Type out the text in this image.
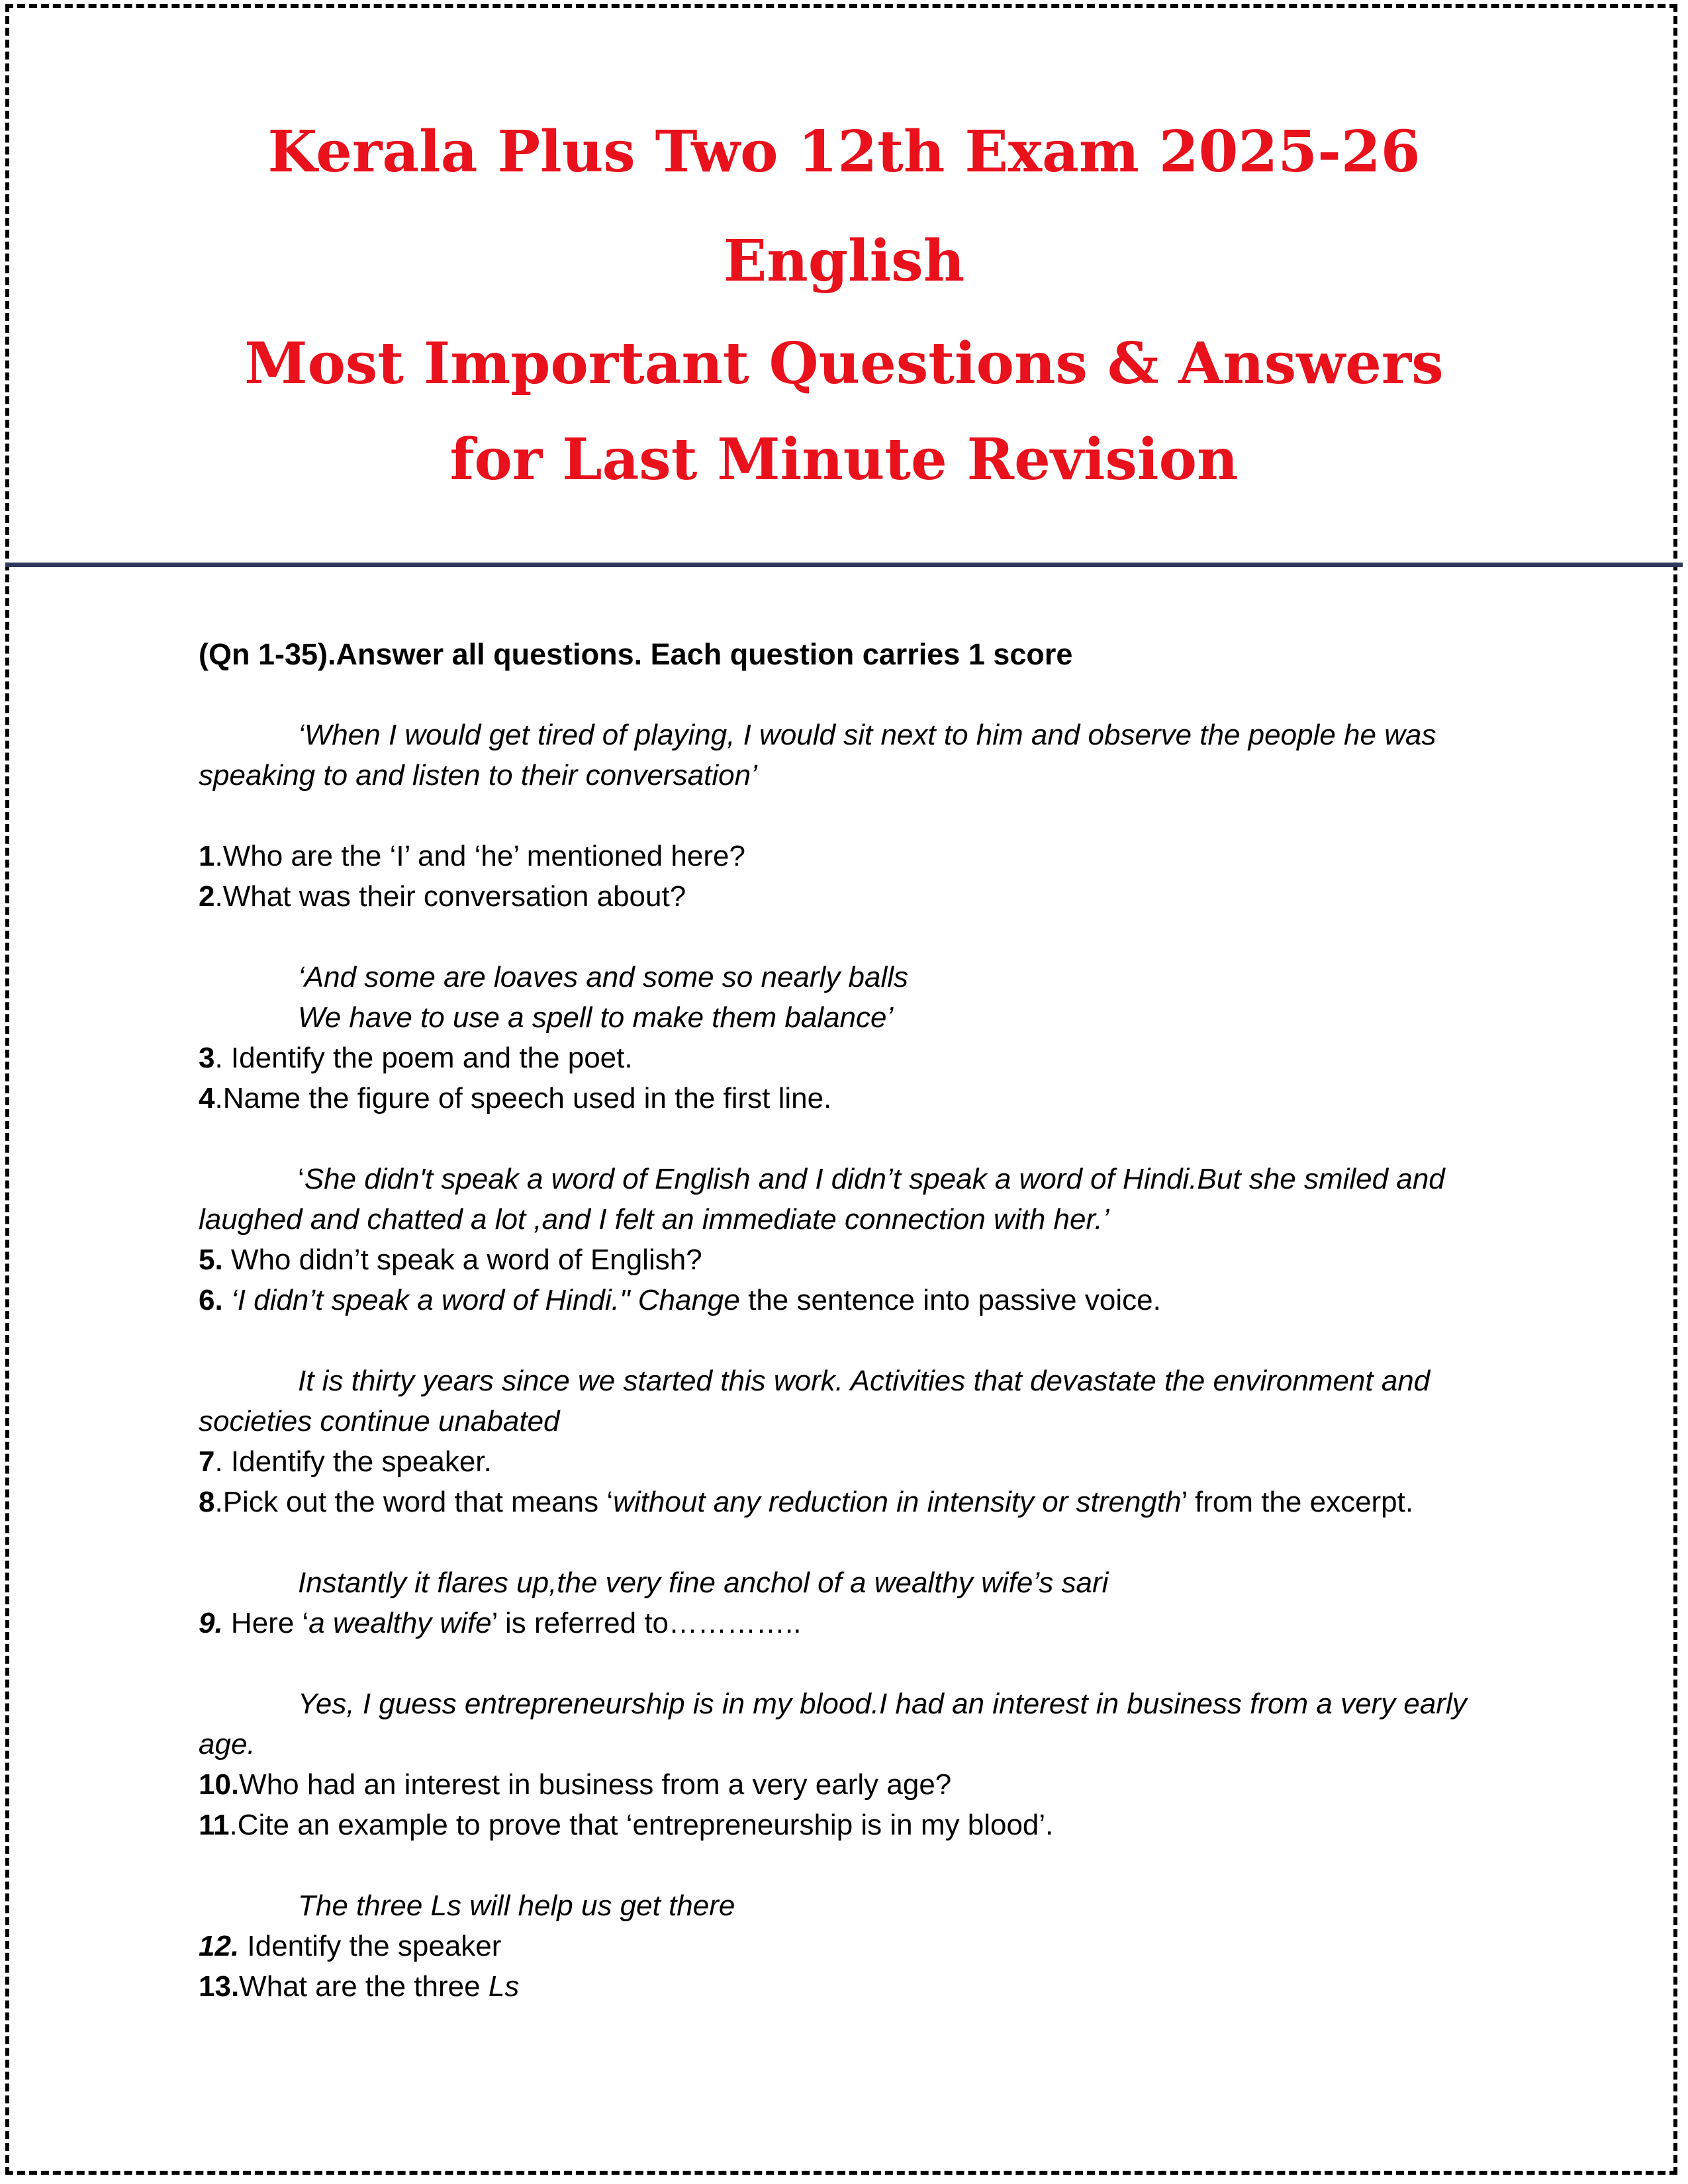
Kerala Plus Two 12th Exam 2025-26
English
Most Important Questions & Answers
for Last Minute Revision
(Qn 1-35).Answer all questions. Each question carries 1 score
‘When I would get tired of playing, I would sit next to him and observe the people he was speaking to and listen to their conversation’
1.Who are the ‘I’ and ‘he’ mentioned here?
2.What was their conversation about?
‘And some are loaves and some so nearly balls
We have to use a spell to make them balance’
3. Identify the poem and the poet.
4.Name the figure of speech used in the first line.
‘She didn't speak a word of English and I didn’t speak a word of Hindi.But she smiled and laughed and chatted a lot ,and I felt an immediate connection with her.’
5. Who didn’t speak a word of English?
6. ‘I didn’t speak a word of Hindi." Change the sentence into passive voice.
It is thirty years since we started this work. Activities that devastate the environment and societies continue unabated
7. Identify the speaker.
8.Pick out the word that means ‘without any reduction in intensity or strength’ from the excerpt.
Instantly it flares up,the very fine anchol of a wealthy wife’s sari
9. Here ‘a wealthy wife’ is referred to…………..
Yes, I guess entrepreneurship is in my blood.I had an interest in business from a very early age.
10.Who had an interest in business from a very early age?
11.Cite an example to prove that ‘entrepreneurship is in my blood’.
The three Ls will help us get there
12. Identify the speaker
13.What are the three Ls
